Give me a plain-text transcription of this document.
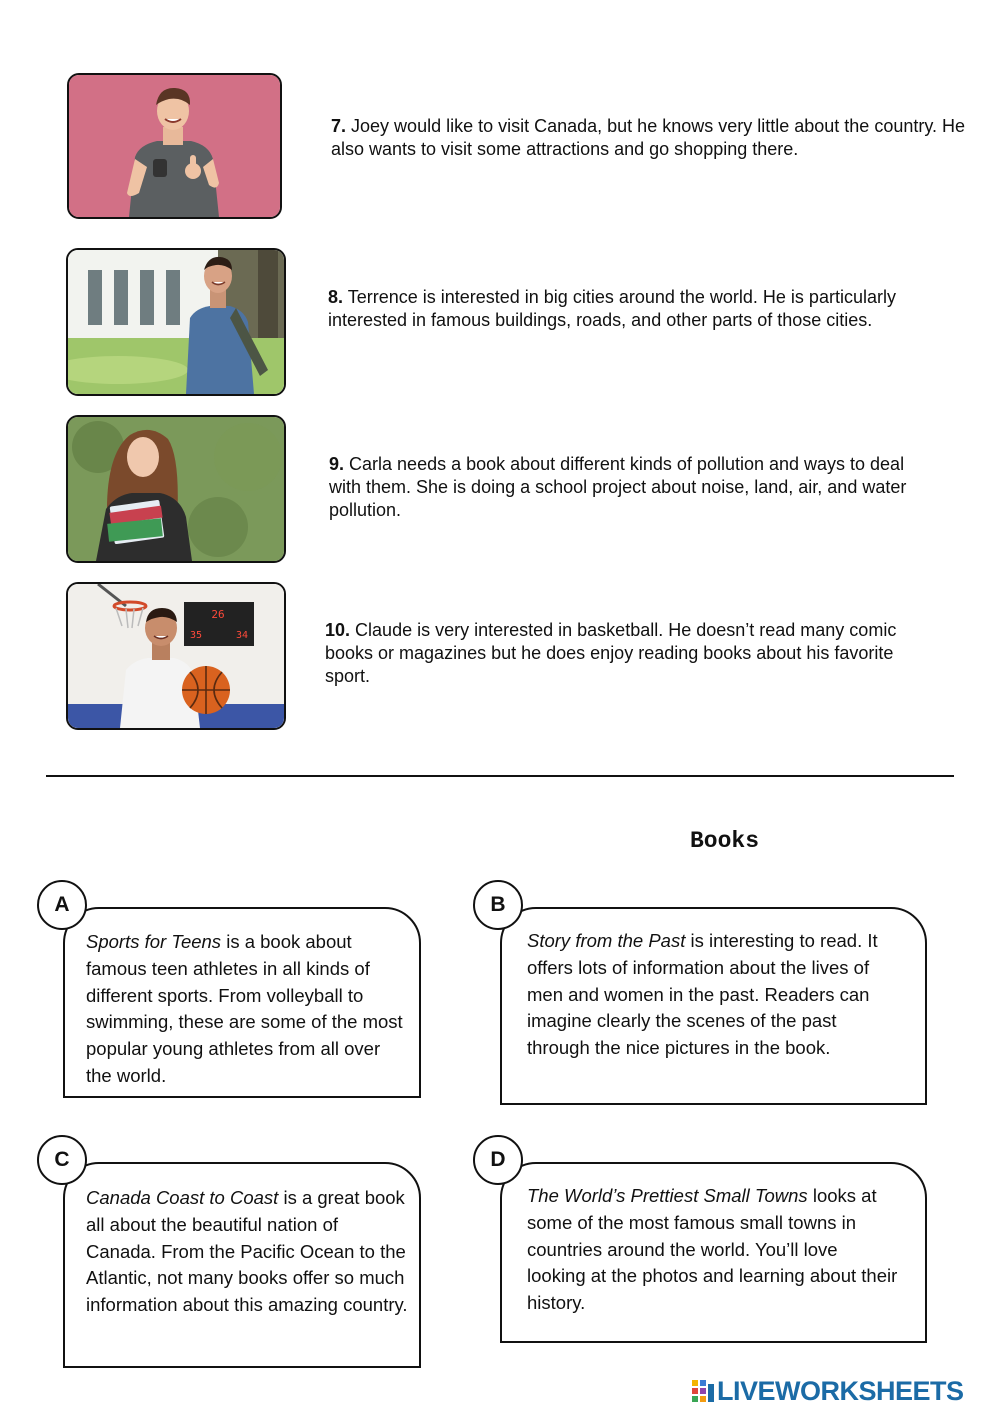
26
35	34
7. Joey would like to visit Canada, but he knows very little about the country. He also wants to visit some attractions and go shopping there.
8. Terrence is interested in big cities around the world. He is particularly interested in famous buildings, roads, and other parts of those cities.
9. Carla needs a book about different kinds of pollution and ways to deal with them. She is doing a school project about noise, land, air, and water pollution.
10. Claude is very interested in basketball. He doesn’t read many comic books or magazines but he does enjoy reading books about his favorite sport.
Books
A
Sports for Teens is a book about famous teen athletes in all kinds of different sports. From volleyball to swimming, these are some of the most popular young athletes from all over the world.
B
Story from the Past is interesting to read. It offers lots of information about the lives of men and women in the past. Readers can imagine clearly the scenes of the past through the nice pictures in the book.
C
Canada Coast to Coast is a great book all about the beautiful nation of Canada. From the Pacific Ocean to the Atlantic, not many books offer so much information about this amazing country.
D
The World’s Prettiest Small Towns looks at some of the most famous small towns in countries around the world. You’ll love looking at the photos and learning about their history.
LIVEWORKSHEETS
